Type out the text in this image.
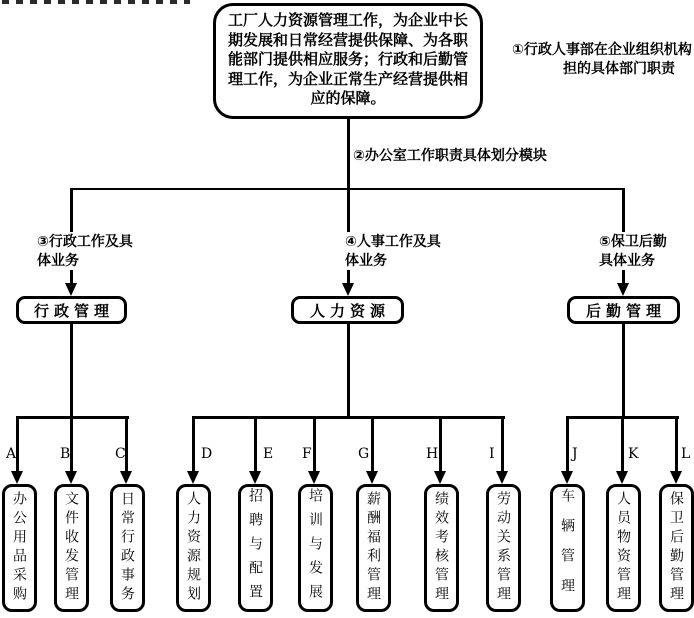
工厂人力资源管理工作，为企业中长
期发展和日常经营提供保障、为各职
能部门提供相应服务；行政和后勤管
理工作，为企业正常生产经营提供相
应的保障。
①行政人事部在企业组织机构
担的具体部门职责
②办公室工作职责具体划分模块
③行政工作及具
体业务
④人事工作及具
体业务
⑤保卫后勤
具体业务
行政管理	人力资源	后勤管理
A	B	C	D	E F	G	H	I	J	K	L
办公用品采购	文件收发管理	日常行政事务	人力资源规划	招聘与配置	培训与发展	薪酬福利管理	绩效考核管理	劳动关系管理	车辆管理	人员物资管理	保卫后勤管理
